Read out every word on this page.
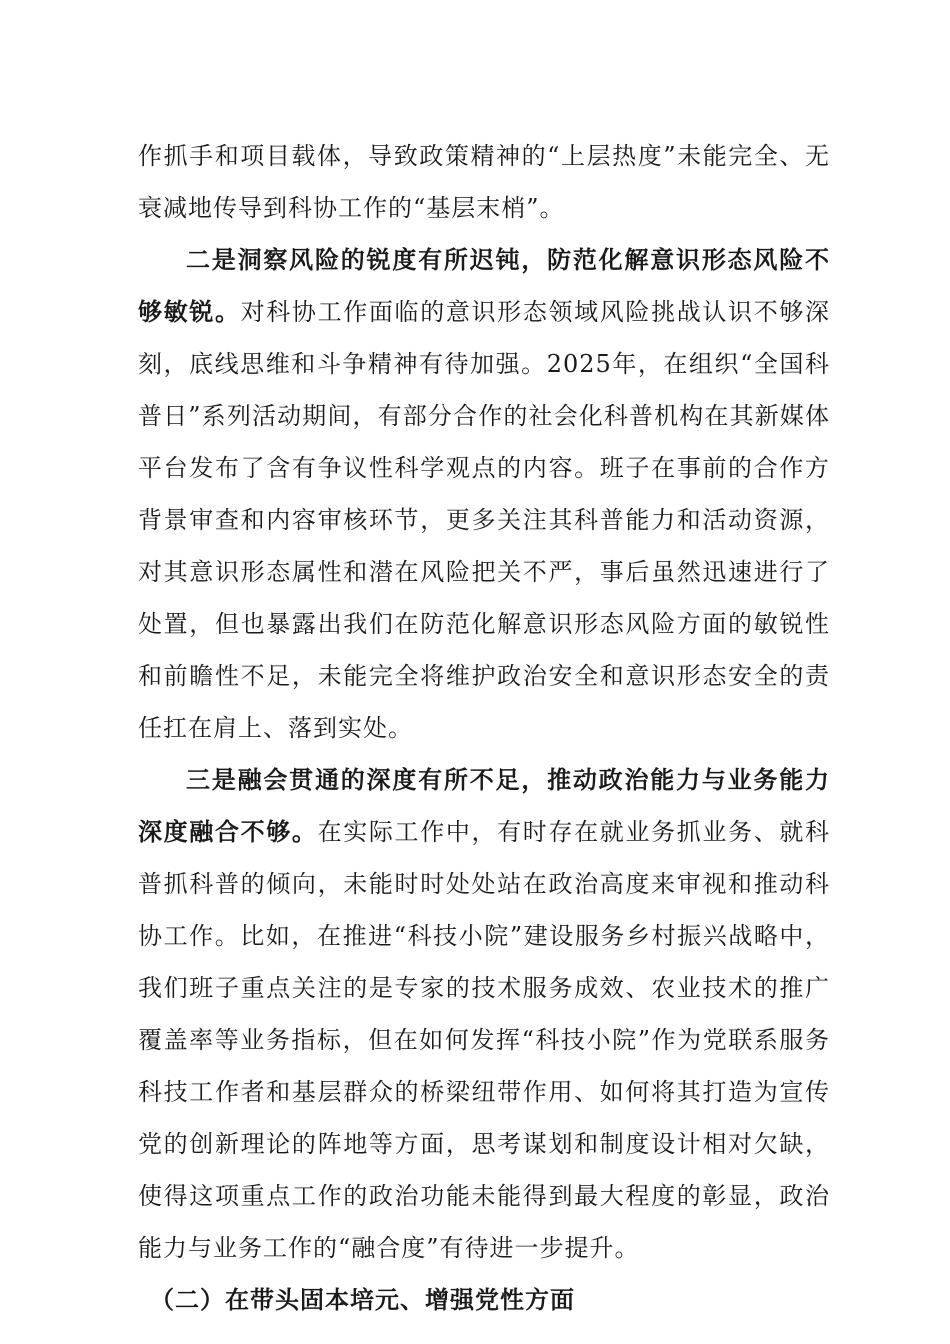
作抓手和项目载体，导致政策精神的“上层热度”未能完全、无衰减地传导到科协工作的“基层末梢”。

二是洞察风险的锐度有所迟钝，防范化解意识形态风险不够敏锐。对科协工作面临的意识形态领域风险挑战认识不够深刻，底线思维和斗争精神有待加强。2025年，在组织“全国科普日”系列活动期间，有部分合作的社会化科普机构在其新媒体平台发布了含有争议性科学观点的内容。班子在事前的合作方背景审查和内容审核环节，更多关注其科普能力和活动资源，对其意识形态属性和潜在风险把关不严，事后虽然迅速进行了处置，但也暴露出我们在防范化解意识形态风险方面的敏锐性和前瞻性不足，未能完全将维护政治安全和意识形态安全的责任扛在肩上、落到实处。

三是融会贯通的深度有所不足，推动政治能力与业务能力深度融合不够。在实际工作中，有时存在就业务抓业务、就科普抓科普的倾向，未能时时处处站在政治高度来审视和推动科协工作。比如，在推进“科技小院”建设服务乡村振兴战略中，我们班子重点关注的是专家的技术服务成效、农业技术的推广覆盖率等业务指标，但在如何发挥“科技小院”作为党联系服务科技工作者和基层群众的桥梁纽带作用、如何将其打造为宣传党的创新理论的阵地等方面，思考谋划和制度设计相对欠缺，使得这项重点工作的政治功能未能得到最大程度的彰显，政治能力与业务工作的“融合度”有待进一步提升。

（二）在带头固本培元、增强党性方面
